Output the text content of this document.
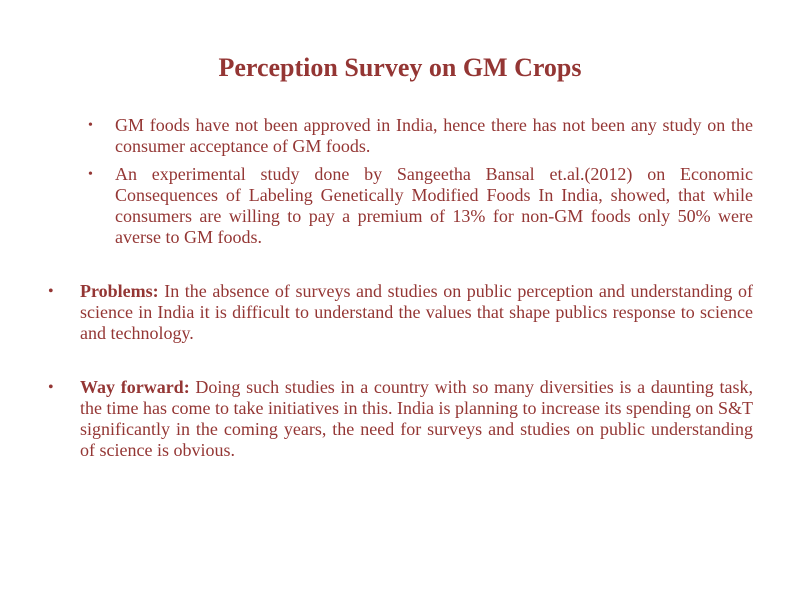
Perception Survey on GM Crops
• GM foods have not been approved in India, hence there has not been any study on the consumer acceptance of GM foods.
• An experimental study done by Sangeetha Bansal et.al.(2012) on Economic Consequences of Labeling Genetically Modified Foods In India, showed, that while consumers are willing to pay a premium of 13% for non-GM foods only 50% were averse to GM foods.
• Problems: In the absence of surveys and studies on public perception and understanding of science in India it is difficult to understand the values that shape publics response to science and technology.
• Way forward: Doing such studies in a country with so many diversities is a daunting task, the time has come to take initiatives in this. India is planning to increase its spending on S&T significantly in the coming years, the need for surveys and studies on public understanding of science is obvious.
